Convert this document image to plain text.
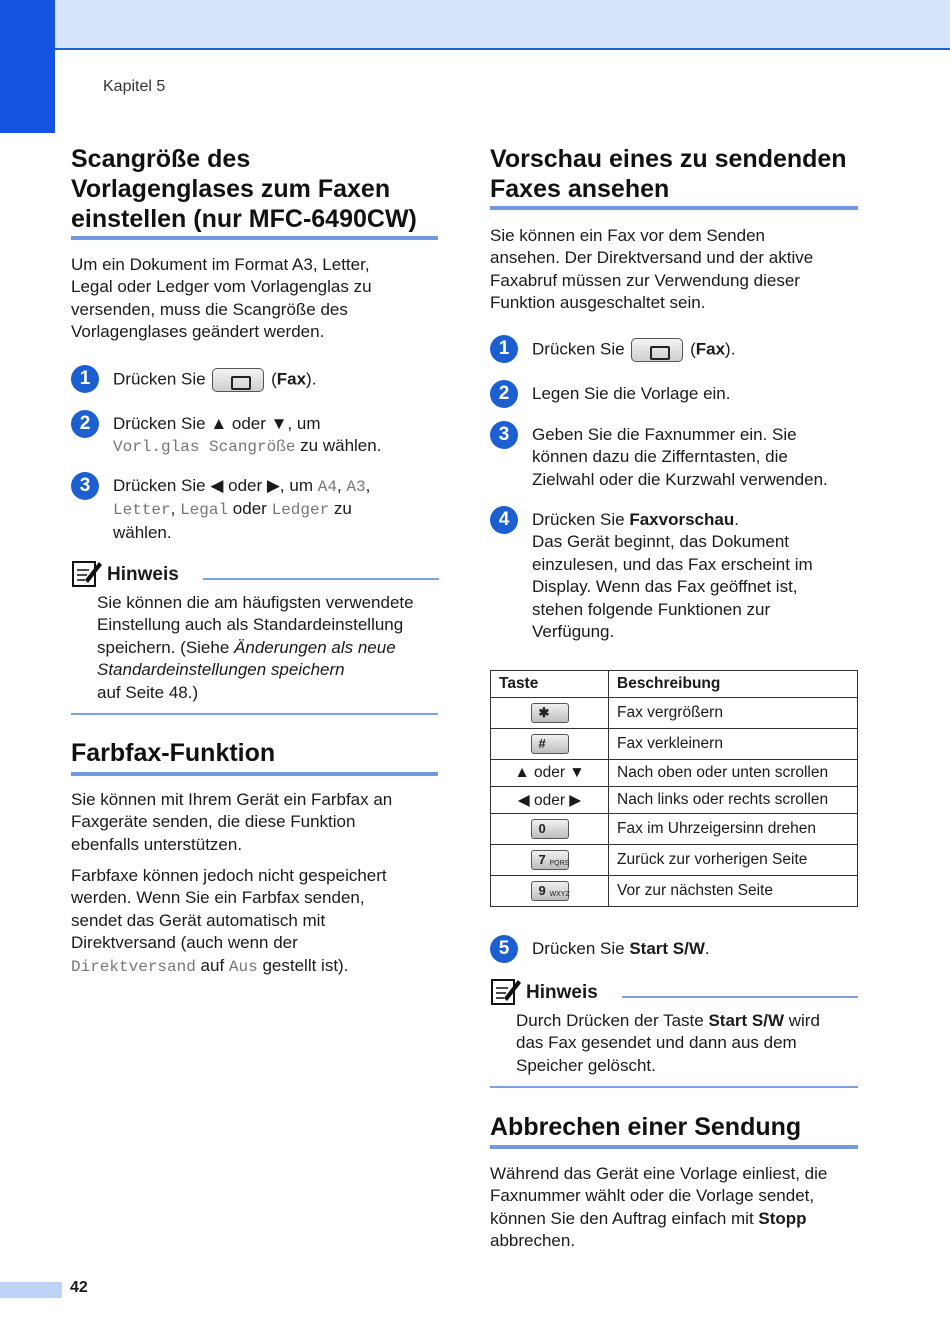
Kapitel 5
Scangröße des
Vorlagenglases zum Faxen
einstellen (nur MFC-6490CW)

Um ein Dokument im Format A3, Letter,
Legal oder Ledger vom Vorlagenglas zu
versenden, muss die Scangröße des
Vorlagenglases geändert werden.

1	Drücken Sie	(Fax).
2	Drücken Sie ▲ oder ▼, um
Vorl.glas Scangröße zu wählen.
3	Drücken Sie ◀ oder ▶, um A4, A3,
Letter, Legal oder Ledger zu
wählen.
Hinweis
Sie können die am häufigsten verwendete
Einstellung auch als Standardeinstellung
speichern. (Siehe Änderungen als neue
Standardeinstellungen speichern
auf Seite 48.)
Farbfax-Funktion

Sie können mit Ihrem Gerät ein Farbfax an
Faxgeräte senden, die diese Funktion
ebenfalls unterstützen.

Farbfaxe können jedoch nicht gespeichert
werden. Wenn Sie ein Farbfax senden,
sendet das Gerät automatisch mit
Direktversand (auch wenn der
Direktversand auf Aus gestellt ist).

Vorschau eines zu sendenden
Faxes ansehen

Sie können ein Fax vor dem Senden
ansehen. Der Direktversand und der aktive
Faxabruf müssen zur Verwendung dieser
Funktion ausgeschaltet sein.

1	Drücken Sie	(Fax).
2	Legen Sie die Vorlage ein.
3	Geben Sie die Faxnummer ein. Sie
können dazu die Zifferntasten, die
Zielwahl oder die Kurzwahl verwenden.
4	Drücken Sie Faxvorschau.
Das Gerät beginnt, das Dokument
einzulesen, und das Fax erscheint im
Display. Wenn das Fax geöffnet ist,
stehen folgende Funktionen zur
Verfügung.
Taste	Beschreibung
✱	Fax vergrößern
#	Fax verkleinern
▲ oder ▼	Nach oben oder unten scrollen
◀ oder ▶	Nach links oder rechts scrollen
0	Fax im Uhrzeigersinn drehen
7 PQRS	Zurück zur vorherigen Seite
9 WXYZ	Vor zur nächsten Seite
5	Drücken Sie Start S/W.
Hinweis
Durch Drücken der Taste Start S/W wird
das Fax gesendet und dann aus dem
Speicher gelöscht.
Abbrechen einer Sendung

Während das Gerät eine Vorlage einliest, die
Faxnummer wählt oder die Vorlage sendet,
können Sie den Auftrag einfach mit Stopp
abbrechen.

42
